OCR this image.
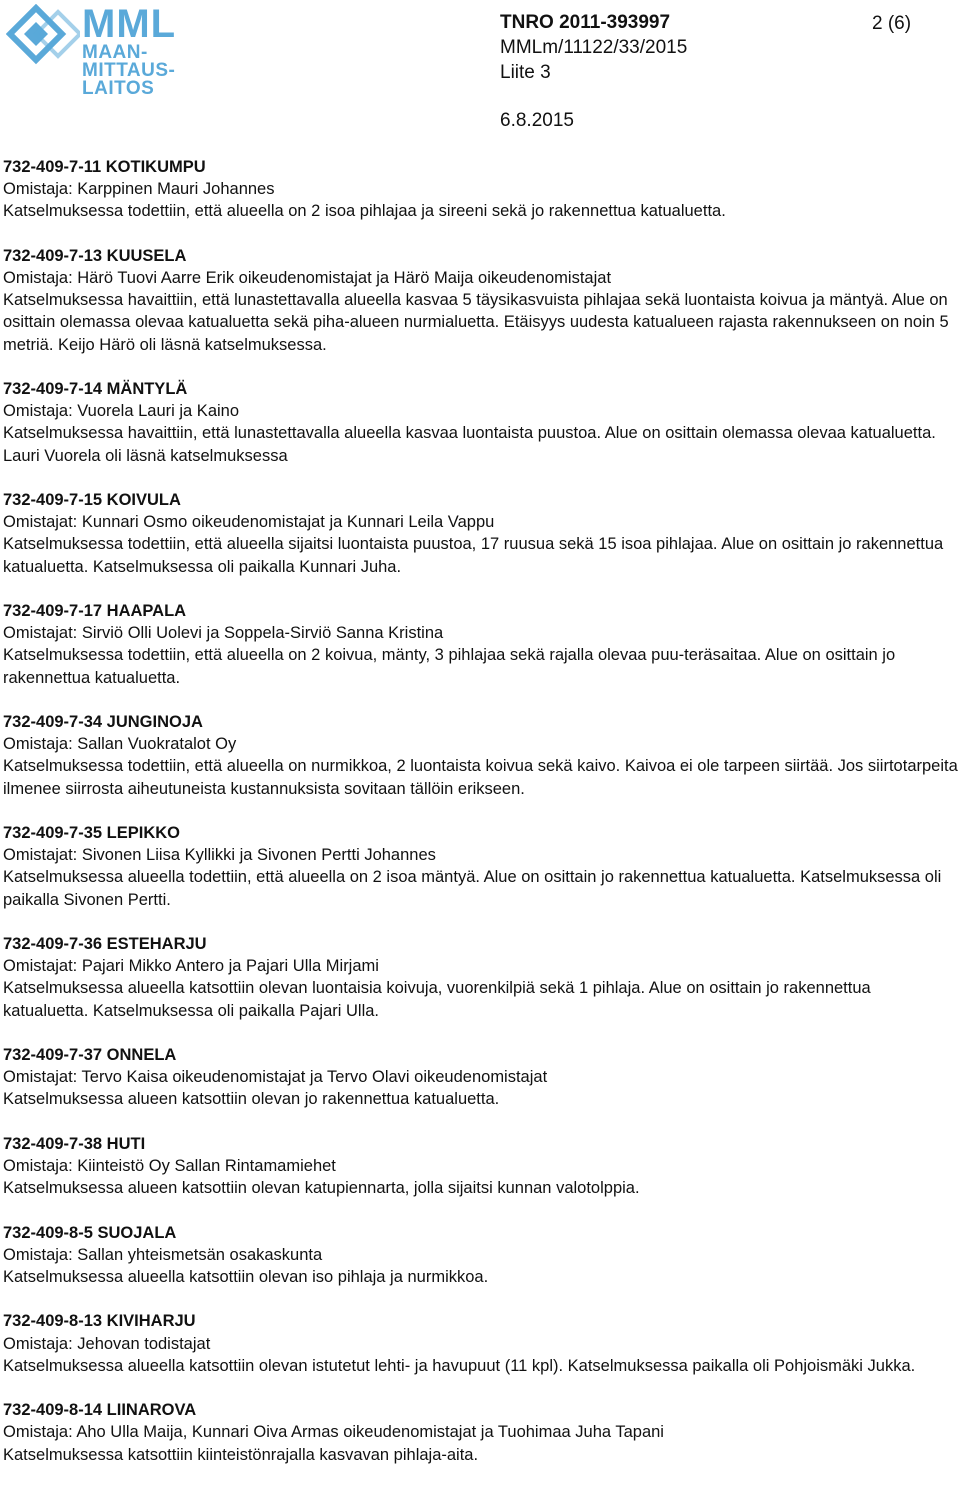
MML
MAAN-
MITTAUS-
LAITOS
TNRO 2011-393997
MMLm/11122/33/2015
Liite 3
2 (6)
6.8.2015
732-409-7-11 KOTIKUMPU
Omistaja: Karppinen Mauri Johannes
Katselmuksessa todettiin, että alueella on 2 isoa pihlajaa ja sireeni sekä jo rakennettua katualuetta.
732-409-7-13 KUUSELA
Omistaja: Härö Tuovi Aarre Erik oikeudenomistajat ja Härö Maija oikeudenomistajat
Katselmuksessa havaittiin, että lunastettavalla alueella kasvaa 5 täysikasvuista pihlajaa sekä luontaista koivua ja mäntyä. Alue on osittain olemassa olevaa katualuetta sekä piha-alueen nurmialuetta. Etäisyys uudesta katualueen rajasta rakennukseen on noin 5 metriä. Keijo Härö oli läsnä katselmuksessa.
732-409-7-14 MÄNTYLÄ
Omistaja: Vuorela Lauri ja Kaino
Katselmuksessa havaittiin, että lunastettavalla alueella kasvaa luontaista puustoa. Alue on osittain olemassa olevaa katualuetta. Lauri Vuorela oli läsnä katselmuksessa
732-409-7-15 KOIVULA
Omistajat: Kunnari Osmo oikeudenomistajat ja Kunnari Leila Vappu
Katselmuksessa todettiin, että alueella sijaitsi luontaista puustoa, 17 ruusua sekä 15 isoa pihlajaa. Alue on osittain jo rakennettua katualuetta. Katselmuksessa oli paikalla Kunnari Juha.
732-409-7-17 HAAPALA
Omistajat: Sirviö Olli Uolevi ja Soppela-Sirviö Sanna Kristina
Katselmuksessa todettiin, että alueella on 2 koivua, mänty, 3 pihlajaa sekä rajalla olevaa puu-teräsaitaa. Alue on osittain jo rakennettua katualuetta.
732-409-7-34 JUNGINOJA
Omistaja: Sallan Vuokratalot Oy
Katselmuksessa todettiin, että alueella on nurmikkoa, 2 luontaista koivua sekä kaivo. Kaivoa ei ole tarpeen siirtää. Jos siirtotarpeita ilmenee siirrosta aiheutuneista kustannuksista sovitaan tällöin erikseen.
732-409-7-35 LEPIKKO
Omistajat: Sivonen Liisa Kyllikki ja Sivonen Pertti Johannes
Katselmuksessa alueella todettiin, että alueella on 2 isoa mäntyä. Alue on osittain jo rakennettua katualuetta. Katselmuksessa oli paikalla Sivonen Pertti.
732-409-7-36 ESTEHARJU
Omistajat: Pajari Mikko Antero ja Pajari Ulla Mirjami
Katselmuksessa alueella katsottiin olevan luontaisia koivuja, vuorenkilpiä sekä 1 pihlaja. Alue on osittain jo rakennettua katualuetta. Katselmuksessa oli paikalla Pajari Ulla.
732-409-7-37 ONNELA
Omistajat: Tervo Kaisa oikeudenomistajat ja Tervo Olavi oikeudenomistajat
Katselmuksessa alueen katsottiin olevan jo rakennettua katualuetta.
732-409-7-38 HUTI
Omistaja: Kiinteistö Oy Sallan Rintamamiehet
Katselmuksessa alueen katsottiin olevan katupiennarta, jolla sijaitsi kunnan valotolppia.
732-409-8-5 SUOJALA
Omistaja: Sallan yhteismetsän osakaskunta
Katselmuksessa alueella katsottiin olevan iso pihlaja ja nurmikkoa.
732-409-8-13 KIVIHARJU
Omistaja: Jehovan todistajat
Katselmuksessa alueella katsottiin olevan istutetut lehti- ja havupuut (11 kpl). Katselmuksessa paikalla oli Pohjoismäki Jukka.
732-409-8-14 LIINAROVA
Omistaja: Aho Ulla Maija, Kunnari Oiva Armas oikeudenomistajat ja Tuohimaa Juha Tapani
Katselmuksessa katsottiin kiinteistönrajalla kasvavan pihlaja-aita.
